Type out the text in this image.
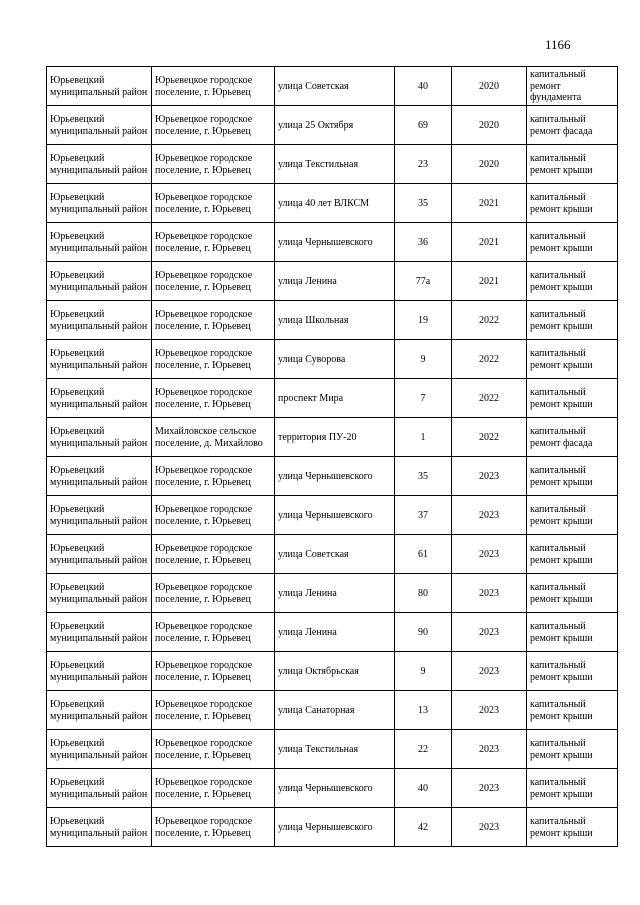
1166
Юрьевецкий муниципальный район	Юрьевецкое городское поселение, г. Юрьевец	улица Советская	40	2020	капитальный ремонт фундамента
Юрьевецкий муниципальный район	Юрьевецкое городское поселение, г. Юрьевец	улица 25 Октября	69	2020	капитальный ремонт фасада
Юрьевецкий муниципальный район	Юрьевецкое городское поселение, г. Юрьевец	улица Текстильная	23	2020	капитальный ремонт крыши
Юрьевецкий муниципальный район	Юрьевецкое городское поселение, г. Юрьевец	улица 40 лет ВЛКСМ	35	2021	капитальный ремонт крыши
Юрьевецкий муниципальный район	Юрьевецкое городское поселение, г. Юрьевец	улица Чернышевского	36	2021	капитальный ремонт крыши
Юрьевецкий муниципальный район	Юрьевецкое городское поселение, г. Юрьевец	улица Ленина	77а	2021	капитальный ремонт крыши
Юрьевецкий муниципальный район	Юрьевецкое городское поселение, г. Юрьевец	улица Школьная	19	2022	капитальный ремонт крыши
Юрьевецкий муниципальный район	Юрьевецкое городское поселение, г. Юрьевец	улица Суворова	9	2022	капитальный ремонт крыши
Юрьевецкий муниципальный район	Юрьевецкое городское поселение, г. Юрьевец	проспект Мира	7	2022	капитальный ремонт крыши
Юрьевецкий муниципальный район	Михайловское сельское поселение, д. Михайлово	территория ПУ-20	1	2022	капитальный ремонт фасада
Юрьевецкий муниципальный район	Юрьевецкое городское поселение, г. Юрьевец	улица Чернышевского	35	2023	капитальный ремонт крыши
Юрьевецкий муниципальный район	Юрьевецкое городское поселение, г. Юрьевец	улица Чернышевского	37	2023	капитальный ремонт крыши
Юрьевецкий муниципальный район	Юрьевецкое городское поселение, г. Юрьевец	улица Советская	61	2023	капитальный ремонт крыши
Юрьевецкий муниципальный район	Юрьевецкое городское поселение, г. Юрьевец	улица Ленина	80	2023	капитальный ремонт крыши
Юрьевецкий муниципальный район	Юрьевецкое городское поселение, г. Юрьевец	улица Ленина	90	2023	капитальный ремонт крыши
Юрьевецкий муниципальный район	Юрьевецкое городское поселение, г. Юрьевец	улица Октябрьская	9	2023	капитальный ремонт крыши
Юрьевецкий муниципальный район	Юрьевецкое городское поселение, г. Юрьевец	улица Санаторная	13	2023	капитальный ремонт крыши
Юрьевецкий муниципальный район	Юрьевецкое городское поселение, г. Юрьевец	улица Текстильная	22	2023	капитальный ремонт крыши
Юрьевецкий муниципальный район	Юрьевецкое городское поселение, г. Юрьевец	улица Чернышевского	40	2023	капитальный ремонт крыши
Юрьевецкий муниципальный район	Юрьевецкое городское поселение, г. Юрьевец	улица Чернышевского	42	2023	капитальный ремонт крыши
